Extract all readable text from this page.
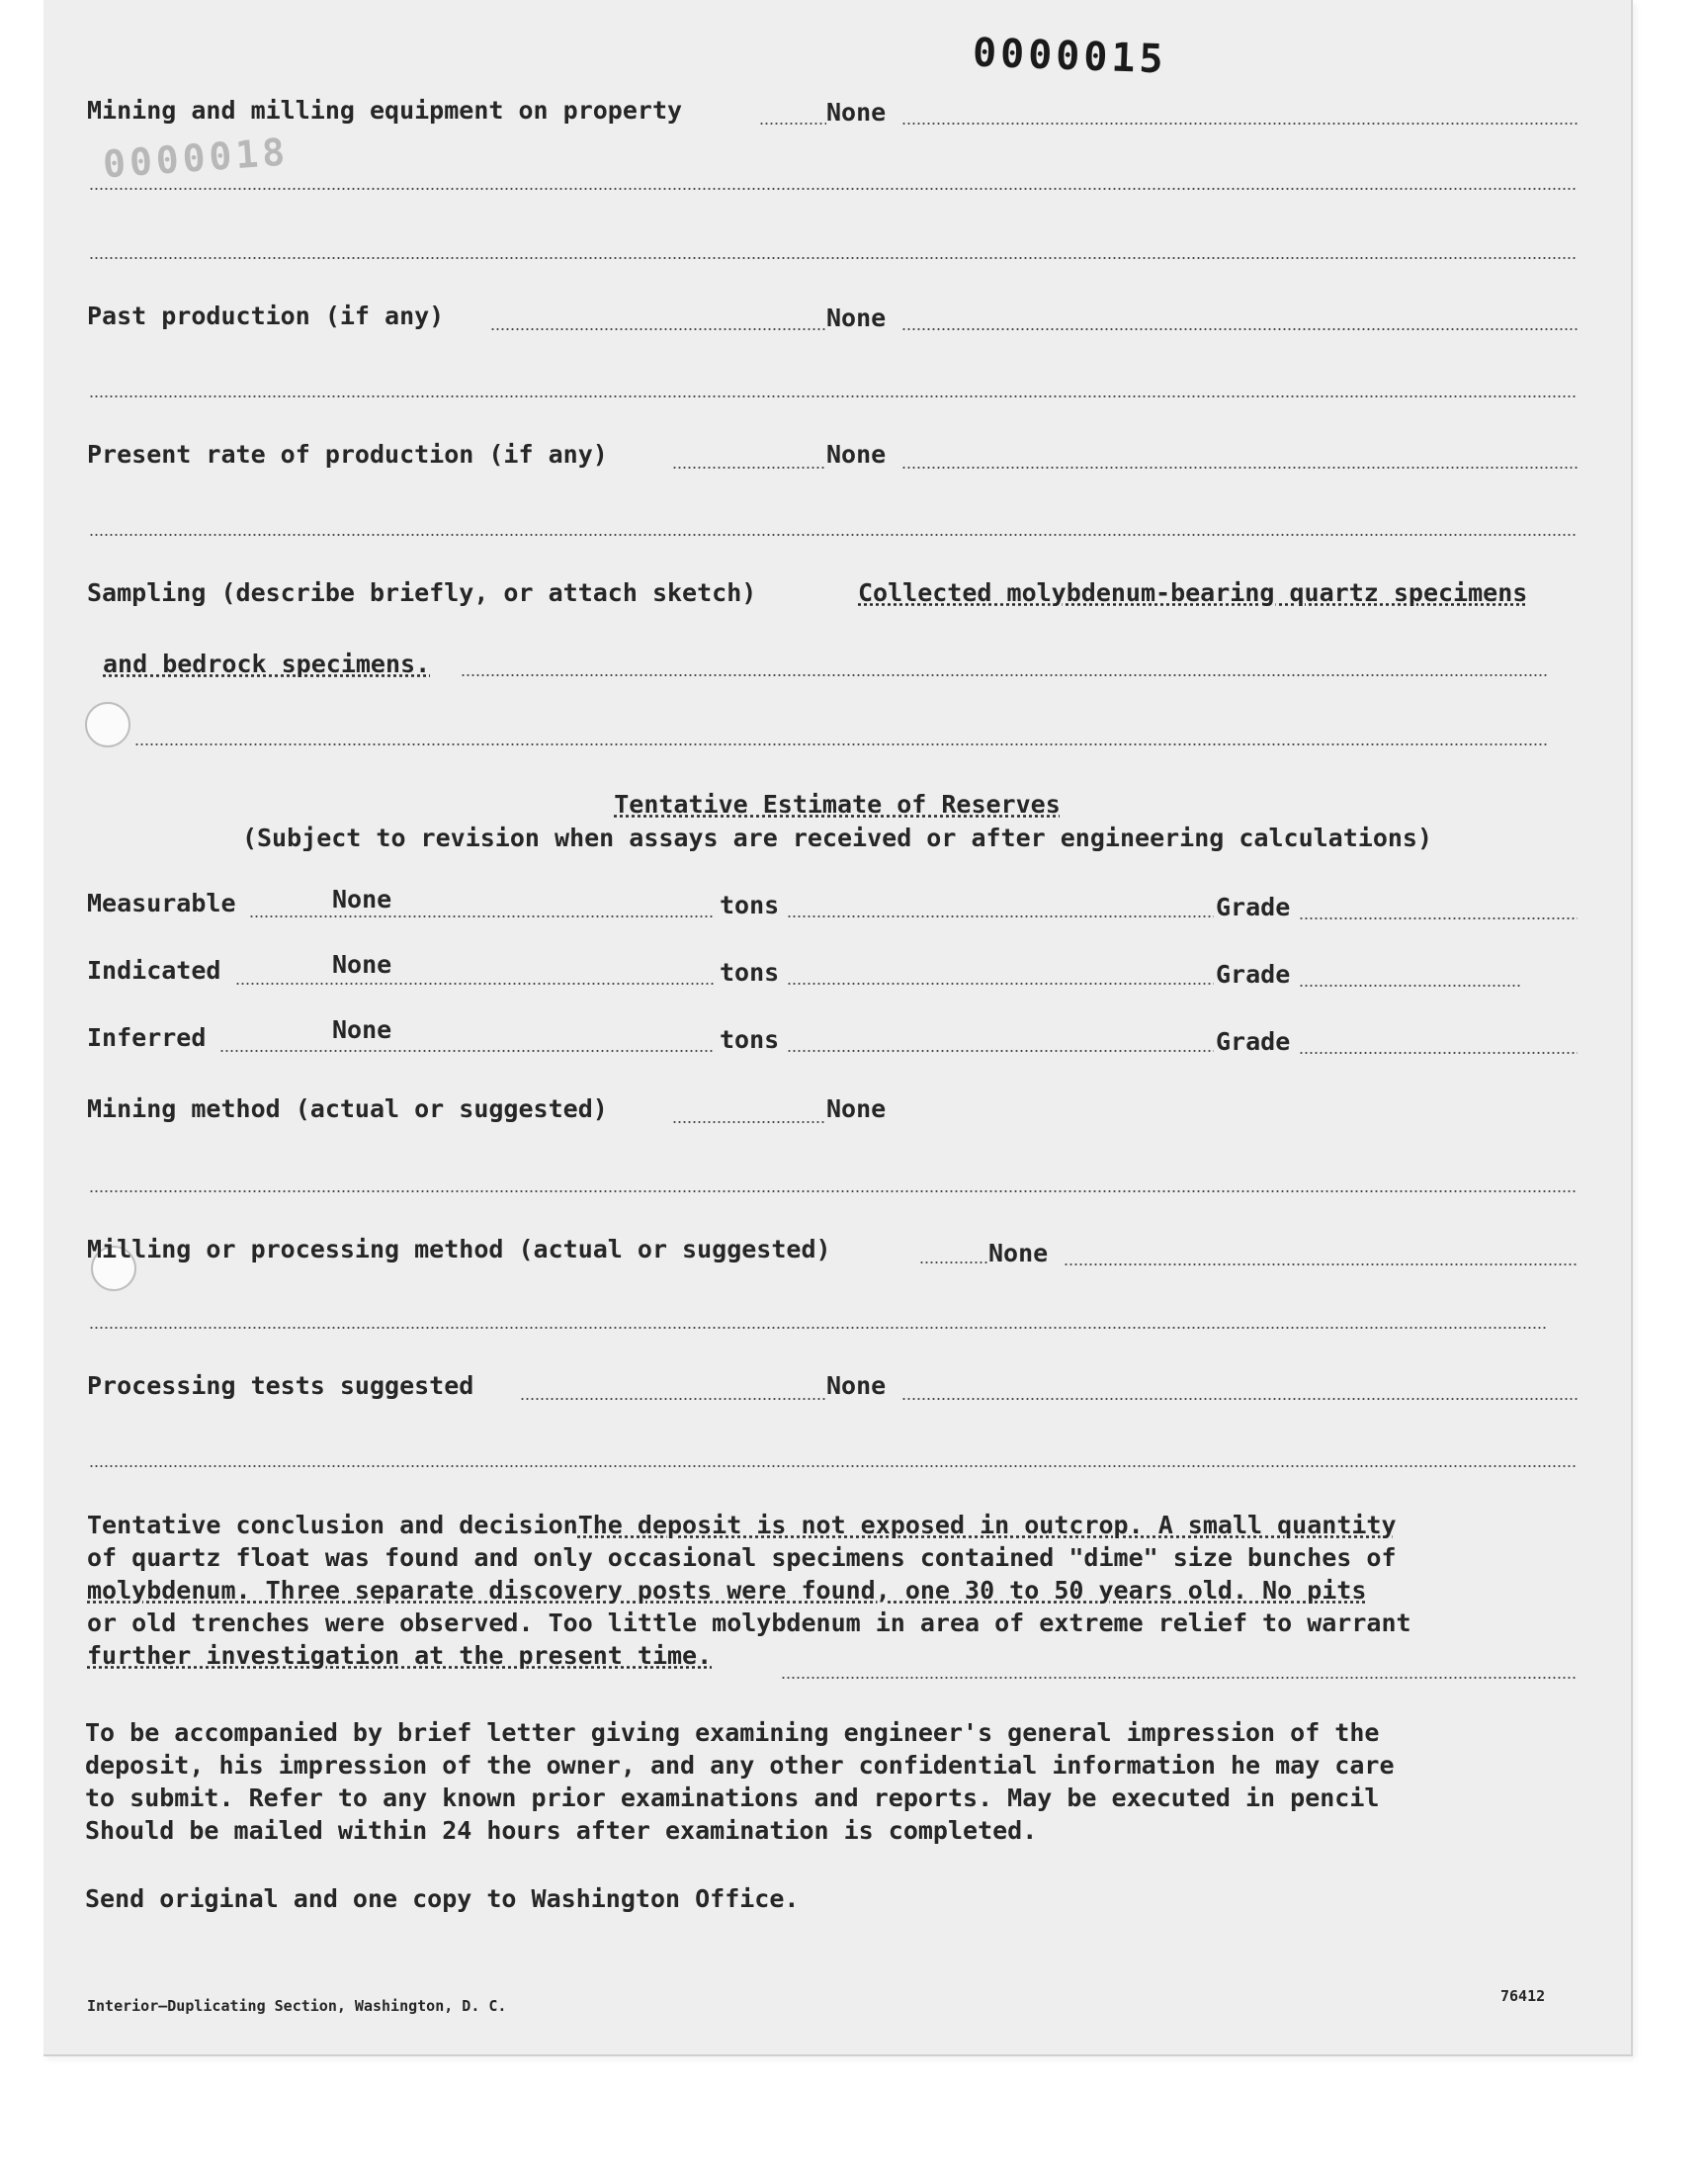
0000015
0000018
Mining and milling equipment on property	None
Past production (if any)	None
Present rate of production (if any)	None
Sampling (describe briefly, or attach sketch)	Collected molybdenum-bearing quartz specimens
and bedrock specimens.
Tentative Estimate of Reserves
(Subject to revision when assays are received or after engineering calculations)
Measurable	None	tons	Grade
Indicated	None	tons	Grade
Inferred	None	tons	Grade
Mining method (actual or suggested)	None
Milling or processing method (actual or suggested)	None
Processing tests suggested	None
Tentative conclusion and decisionThe deposit is not exposed in outcrop. A small quantity
of quartz float was found and only occasional specimens contained "dime" size bunches of
molybdenum. Three separate discovery posts were found, one 30 to 50 years old. No pits
or old trenches were observed. Too little molybdenum in area of extreme relief to warrant
further investigation at the present time.
To be accompanied by brief letter giving examining engineer's general impression of the
deposit, his impression of the owner, and any other confidential information he may care
to submit. Refer to any known prior examinations and reports. May be executed in pencil
Should be mailed within 24 hours after examination is completed.
Send original and one copy to Washington Office.
Interior—Duplicating Section, Washington, D. C.
76412
